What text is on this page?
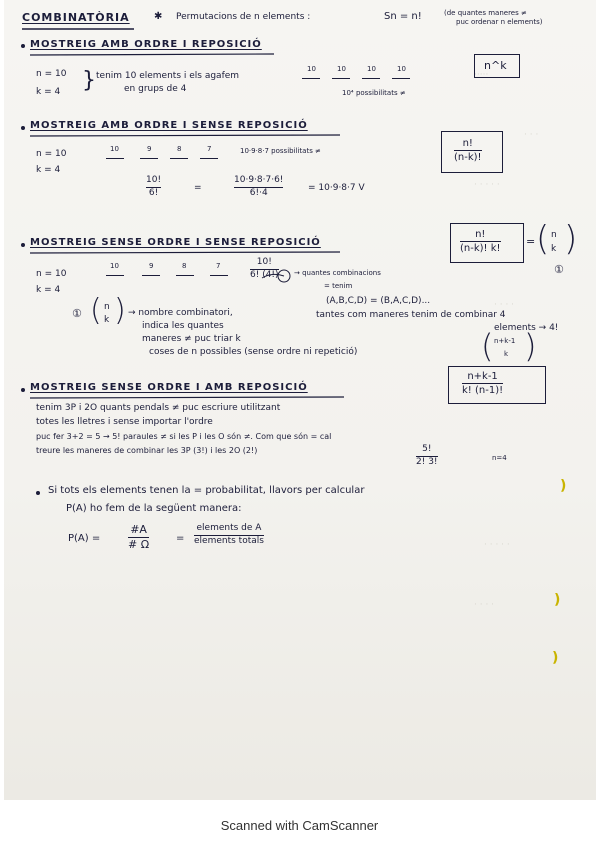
·····
· · ·
· · · · ·
· · · ·
· · · · ·
· · · ·
COMBINATÒRIA ✱ Permutacions de n elements :	Sn = n!	(de quantes maneres ≠
puc ordenar n elements)
MOSTREIG AMB ORDRE I REPOSICIÓ
n = 10
k = 4 } tenim 10 elements i els agafem
en grups de 4
10	10	10	10
10⁴ possibilitats ≠
n^k
MOSTREIG AMB ORDRE I SENSE REPOSICIÓ
n = 10
k = 4
10	9	8	7	10·9·8·7 possibilitats ≠
10!
6!	=
10·9·8·7·6!
6!·4	= 10·9·8·7 V
n!
(n-k)!
MOSTREIG SENSE ORDRE I SENSE REPOSICIÓ
n = 10
k = 4
10	9	8	7	10!
6! (4!) → quantes combinacions
= tenim
(A,B,C,D) = (B,A,C,D)...
tantes com maneres tenim de combinar 4
elements → 4!
n!
(n-k)! k!
= ( n
k )
①
① ( n
k ) → nombre combinatori,
indica les quantes
maneres ≠ puc triar k
coses de n possibles (sense ordre ni repetició)	( n+k-1
k )
MOSTREIG SENSE ORDRE I AMB REPOSICIÓ
tenim 3P i 2O quants pendals ≠ puc escriure utilitzant
totes les lletres i sense importar l'ordre
puc fer 3+2 = 5 → 5! paraules ≠ si les P i les O són ≠. Com que són = cal
treure les maneres de combinar les 3P (3!) i les 2O (2!)	5!
2! 3!	n=4
n+k-1
k! (n-1)!
Si tots els elements tenen la = probabilitat, llavors per calcular
P(A) ho fem de la següent manera:
P(A) =
#A
# Ω	=
elements de A
elements totals
)
)
)
Scanned with CamScanner
